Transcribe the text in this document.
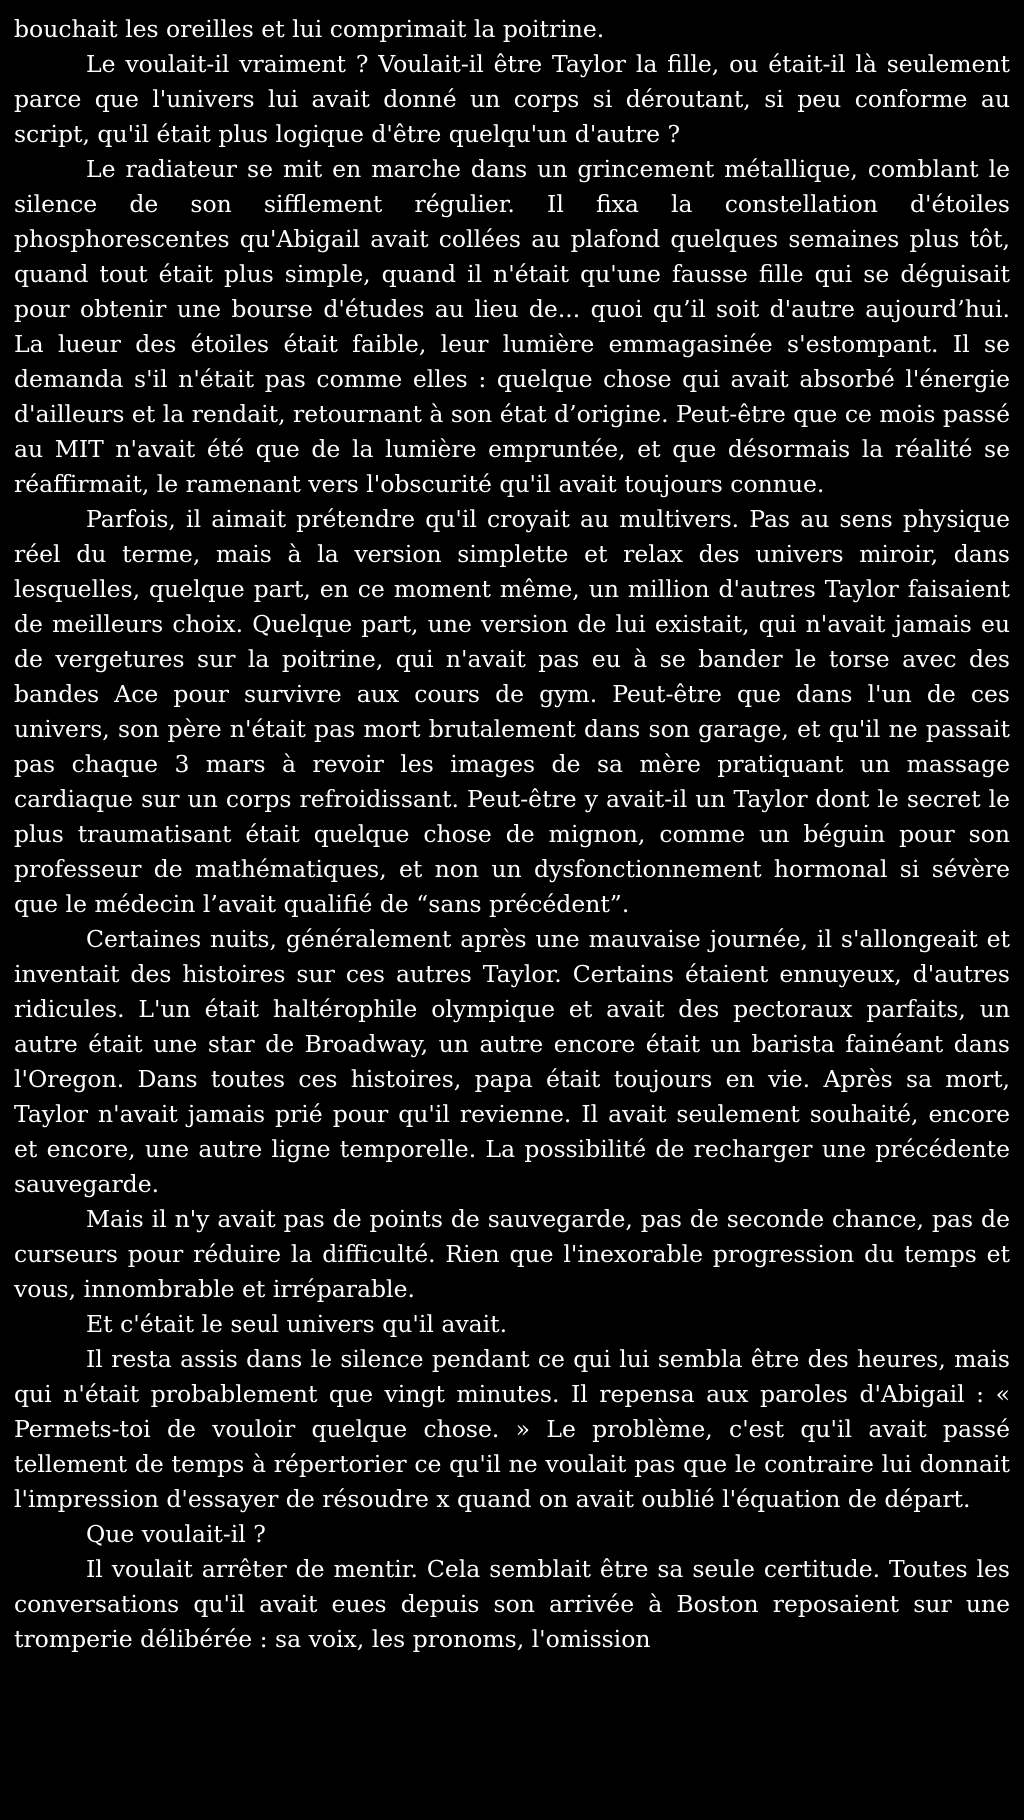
bouchait les oreilles et lui comprimait la poitrine.

Le voulait-il vraiment ? Voulait-il être Taylor la fille, ou était-il là seulement parce que l'univers lui avait donné un corps si déroutant, si peu conforme au script, qu'il était plus logique d'être quelqu'un d'autre ?

Le radiateur se mit en marche dans un grincement métallique, comblant le silence de son sifflement régulier. Il fixa la constellation d'étoiles phosphorescentes qu'Abigail avait collées au plafond quelques semaines plus tôt, quand tout était plus simple, quand il n'était qu'une fausse fille qui se déguisait pour obtenir une bourse d'études au lieu de... quoi qu’il soit d'autre aujourd’hui. La lueur des étoiles était faible, leur lumière emmagasinée s'estompant. Il se demanda s'il n'était pas comme elles : quelque chose qui avait absorbé l'énergie d'ailleurs et la rendait, retournant à son état d’origine. Peut-être que ce mois passé au MIT n'avait été que de la lumière empruntée, et que désormais la réalité se réaffirmait, le ramenant vers l'obscurité qu'il avait toujours connue.

Parfois, il aimait prétendre qu'il croyait au multivers. Pas au sens physique réel du terme, mais à la version simplette et relax des univers miroir, dans lesquelles, quelque part, en ce moment même, un million d'autres Taylor faisaient de meilleurs choix. Quelque part, une version de lui existait, qui n'avait jamais eu de vergetures sur la poitrine, qui n'avait pas eu à se bander le torse avec des bandes Ace pour survivre aux cours de gym. Peut-être que dans l'un de ces univers, son père n'était pas mort brutalement dans son garage, et qu'il ne passait pas chaque 3 mars à revoir les images de sa mère pratiquant un massage cardiaque sur un corps refroidissant. Peut-être y avait-il un Taylor dont le secret le plus traumatisant était quelque chose de mignon, comme un béguin pour son professeur de mathématiques, et non un dysfonctionnement hormonal si sévère que le médecin l’avait qualifié de “sans précédent”.

Certaines nuits, généralement après une mauvaise journée, il s'allongeait et inventait des histoires sur ces autres Taylor. Certains étaient ennuyeux, d'autres ridicules. L'un était haltérophile olympique et avait des pectoraux parfaits, un autre était une star de Broadway, un autre encore était un barista fainéant dans l'Oregon. Dans toutes ces histoires, papa était toujours en vie. Après sa mort, Taylor n'avait jamais prié pour qu'il revienne. Il avait seulement souhaité, encore et encore, une autre ligne temporelle. La possibilité de recharger une précédente sauvegarde.

Mais il n'y avait pas de points de sauvegarde, pas de seconde chance, pas de curseurs pour réduire la difficulté. Rien que l'inexorable progression du temps et vous, innombrable et irréparable.

Et c'était le seul univers qu'il avait.

Il resta assis dans le silence pendant ce qui lui sembla être des heures, mais qui n'était probablement que vingt minutes. Il repensa aux paroles d'Abigail : « Permets-toi de vouloir quelque chose. » Le problème, c'est qu'il avait passé tellement de temps à répertorier ce qu'il ne voulait pas que le contraire lui donnait l'impression d'essayer de résoudre x quand on avait oublié l'équation de départ.

Que voulait-il ?

Il voulait arrêter de mentir. Cela semblait être sa seule certitude. Toutes les conversations qu'il avait eues depuis son arrivée à Boston reposaient sur une tromperie délibérée : sa voix, les pronoms, l'omission
